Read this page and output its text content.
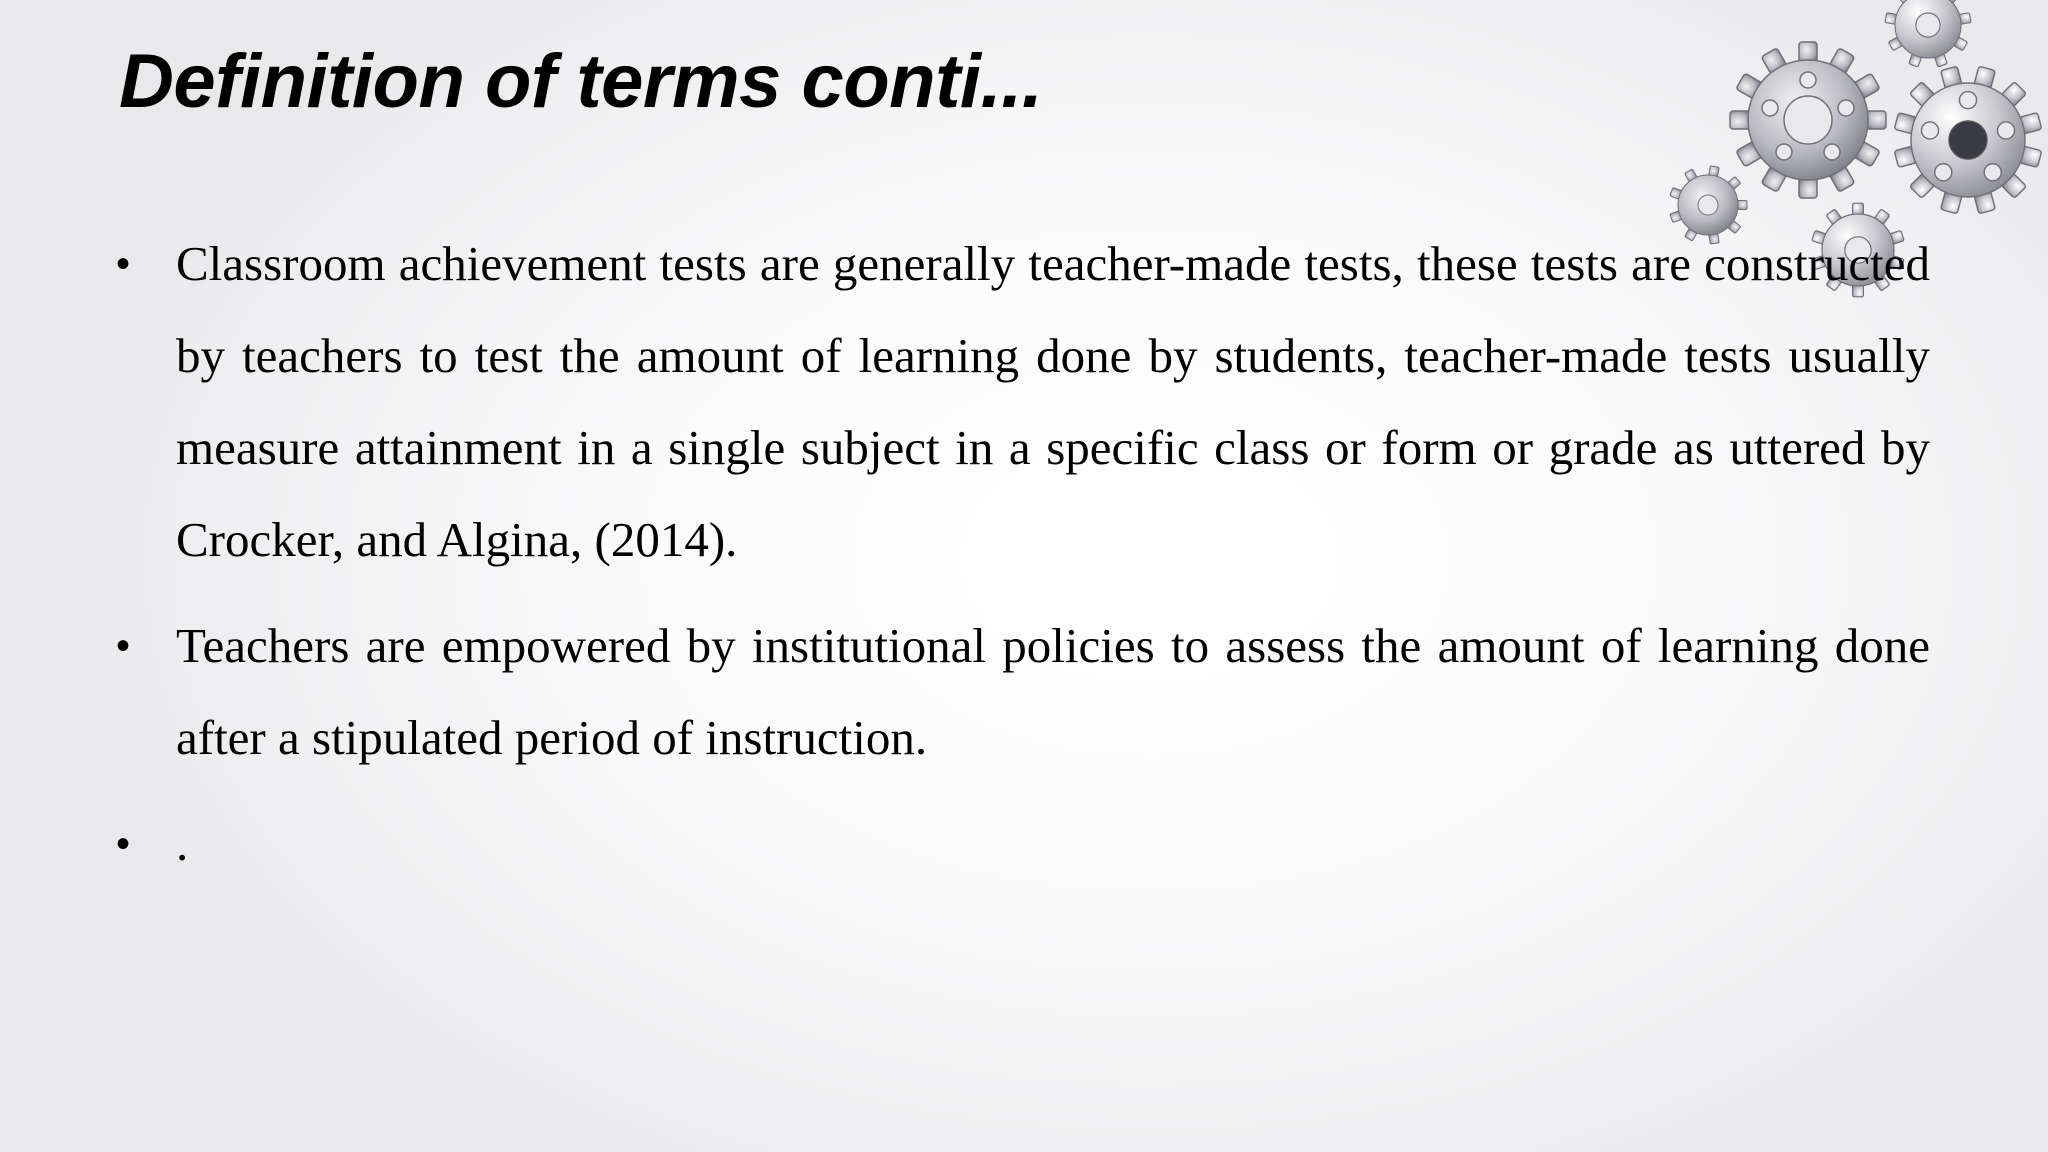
Definition of terms conti...
• Classroom achievement tests are generally teacher-made tests, these tests are constructed by teachers to test the amount of learning done by students, teacher-made tests usually measure attainment in a single subject in a specific class or form or grade as uttered by Crocker, and Algina, (2014).
• Teachers are empowered by institutional policies to assess the amount of learning done after a stipulated period of instruction.
• .
